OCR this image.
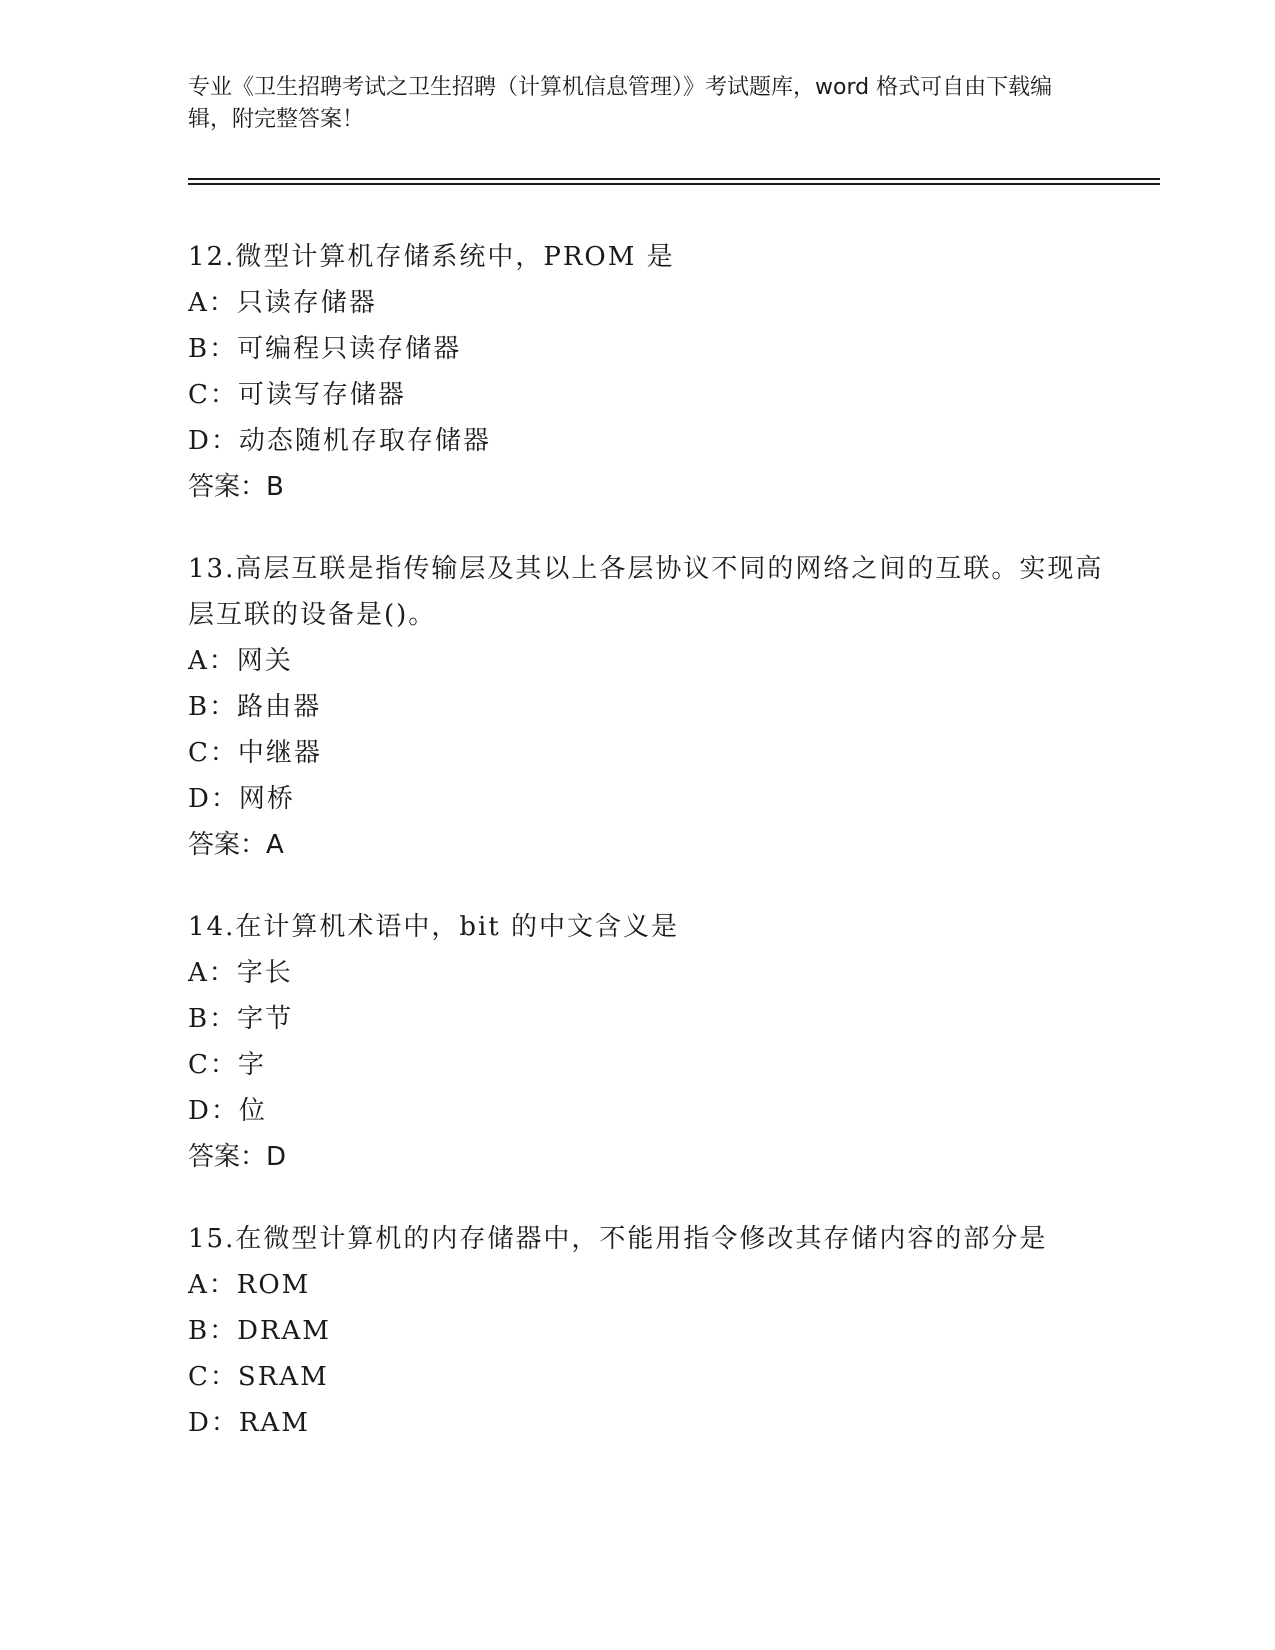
专业《卫生招聘考试之卫生招聘（计算机信息管理）》考试题库，word 格式可自由下载编辑，附完整答案！
12.微型计算机存储系统中，PROM 是
A：只读存储器
B：可编程只读存储器
C：可读写存储器
D：动态随机存取存储器
答案：B
13.高层互联是指传输层及其以上各层协议不同的网络之间的互联。实现高层互联的设备是()。
A：网关
B：路由器
C：中继器
D：网桥
答案：A
14.在计算机术语中，bit 的中文含义是
A：字长
B：字节
C：字
D：位
答案：D
15.在微型计算机的内存储器中，不能用指令修改其存储内容的部分是
A：ROM
B：DRAM
C：SRAM
D：RAM
